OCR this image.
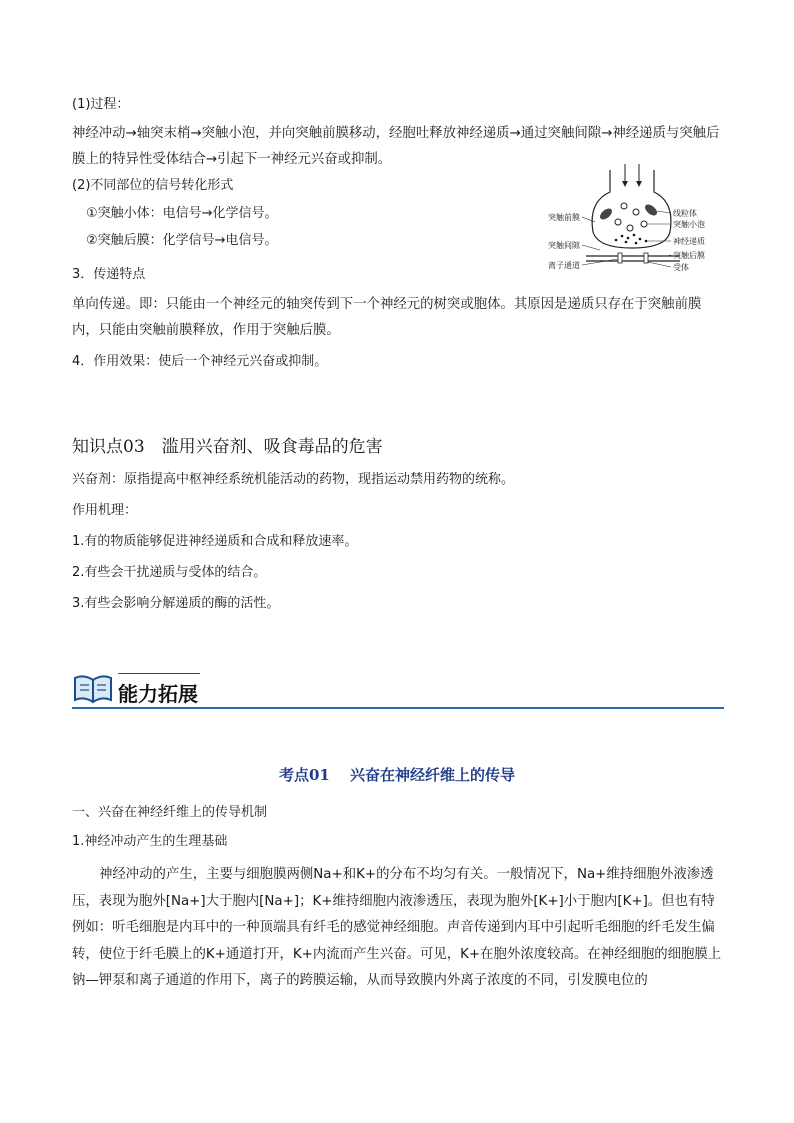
(1)过程：
神经冲动→轴突末梢→突触小泡，并向突触前膜移动，经胞吐释放神经递质→通过突触间隙→神经递质与突触后膜上的特异性受体结合→引起下一神经元兴奋或抑制。
(2)不同部位的信号转化形式
①突触小体：电信号→化学信号。
②突触后膜：化学信号→电信号。
3．传递特点
单向传递。即：只能由一个神经元的轴突传到下一个神经元的树突或胞体。其原因是递质只存在于突触前膜内，只能由突触前膜释放，作用于突触后膜。
4．作用效果：使后一个神经元兴奋或抑制。
突触前膜
突触间隙
离子通道
线粒体
突触小泡
神经递质
突触后膜
受体
知识点03　滥用兴奋剂、吸食毒品的危害
兴奋剂：原指提高中枢神经系统机能活动的药物，现指运动禁用药物的统称。
作用机理：
1.有的物质能够促进神经递质和合成和释放速率。
2.有些会干扰递质与受体的结合。
3.有些会影响分解递质的酶的活性。
能力拓展
考点01　 兴奋在神经纤维上的传导
一、兴奋在神经纤维上的传导机制
1.神经冲动产生的生理基础
神经冲动的产生，主要与细胞膜两侧Na+和K+的分布不均匀有关。一般情况下，Na+维持细胞外液渗透压，表现为胞外[Na+]大于胞内[Na+]；K+维持细胞内液渗透压，表现为胞外[K+]小于胞内[K+]。但也有特例如：听毛细胞是内耳中的一种顶端具有纤毛的感觉神经细胞。声音传递到内耳中引起听毛细胞的纤毛发生偏转，使位于纤毛膜上的K+通道打开，K+内流而产生兴奋。可见，K+在胞外浓度较高。在神经细胞的细胞膜上钠—钾泵和离子通道的作用下，离子的跨膜运输，从而导致膜内外离子浓度的不同，引发膜电位的
